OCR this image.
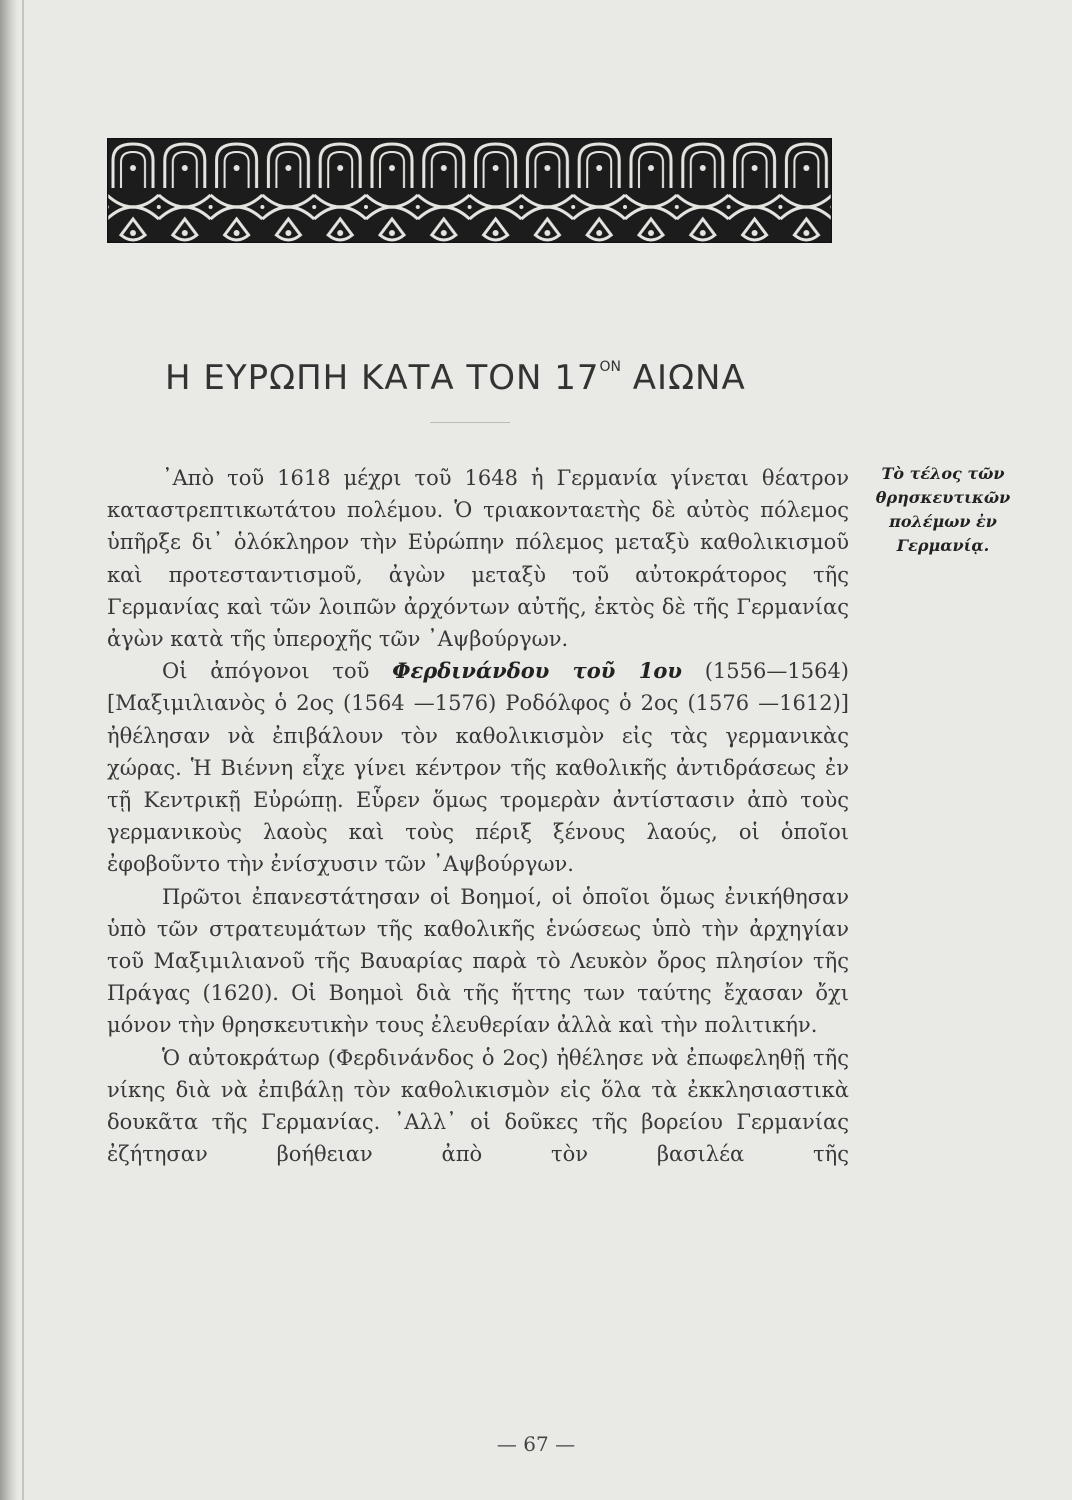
Η ΕΥΡΩΠΗ ΚΑΤΑ ΤΟΝ $17^{ON}$ ΑΙΩΝΑ
Τὸ τέλος τῶν
θρησκευτικῶν
πολέμων ἐν
Γερμανίᾳ.

᾿Απὸ τοῦ 1618 μέχρι τοῦ 1648 ἡ Γερμανία γίνεται θέατρον καταστρεπτικωτάτου πολέμου. Ὁ τριακονταετὴς δὲ αὐτὸς πόλεμος ὑπῆρξε δι᾿ ὁλόκληρον τὴν Εὐρώπην πόλεμος μεταξὺ καθολικισμοῦ καὶ προτεσταντισμοῦ, ἀγὼν μεταξὺ τοῦ αὐτοκράτορος τῆς Γερμανίας καὶ τῶν λοιπῶν ἀρχόντων αὐτῆς, ἐκτὸς δὲ τῆς Γερμανίας ἀγὼν κατὰ τῆς ὑπεροχῆς τῶν ᾿Αψβούργων.

Οἱ ἀπόγονοι τοῦ Φερδινάνδου τοῦ 1ου (1556—1564) [Μαξιμιλιανὸς ὁ 2ος (1564 —1576) Ροδόλφος ὁ 2ος (1576 —1612)] ἠθέλησαν νὰ ἐπιβάλουν τὸν καθολικισμὸν εἰς τὰς γερμανικὰς χώρας. Ἡ Βιέννη εἶχε γίνει κέντρον τῆς καθολικῆς ἀντιδράσεως ἐν τῇ Κεντρικῇ Εὐρώπῃ. Εὗρεν ὅμως τρομερὰν ἀντίστασιν ἀπὸ τοὺς γερμανικοὺς λαοὺς καὶ τοὺς πέριξ ξένους λαούς, οἱ ὁποῖοι ἐφοβοῦντο τὴν ἐνίσχυσιν τῶν ᾿Αψβούργων.

Πρῶτοι ἐπανεστάτησαν οἱ Βοημοί, οἱ ὁποῖοι ὅμως ἐνικήθησαν ὑπὸ τῶν στρατευμάτων τῆς καθολικῆς ἑνώσεως ὑπὸ τὴν ἀρχηγίαν τοῦ Μαξιμιλιανοῦ τῆς Βαυαρίας παρὰ τὸ Λευκὸν ὄρος πλησίον τῆς Πράγας (1620). Οἱ Βοημοὶ διὰ τῆς ἥττης των ταύτης ἔχασαν ὄχι μόνον τὴν θρησκευτικὴν τους ἐλευθερίαν ἀλλὰ καὶ τὴν πολιτικήν.

Ὁ αὐτοκράτωρ (Φερδινάνδος ὁ 2ος) ἠθέλησε νὰ ἐπωφεληθῇ τῆς νίκης διὰ νὰ ἐπιβάλῃ τὸν καθολικισμὸν εἰς ὅλα τὰ ἐκκλησιαστικὰ δουκᾶτα τῆς Γερμανίας. ᾿Αλλ᾿ οἱ δοῦκες τῆς βορείου Γερμανίας ἐζήτησαν βοήθειαν ἀπὸ τὸν βασιλέα τῆς

— 67 —
